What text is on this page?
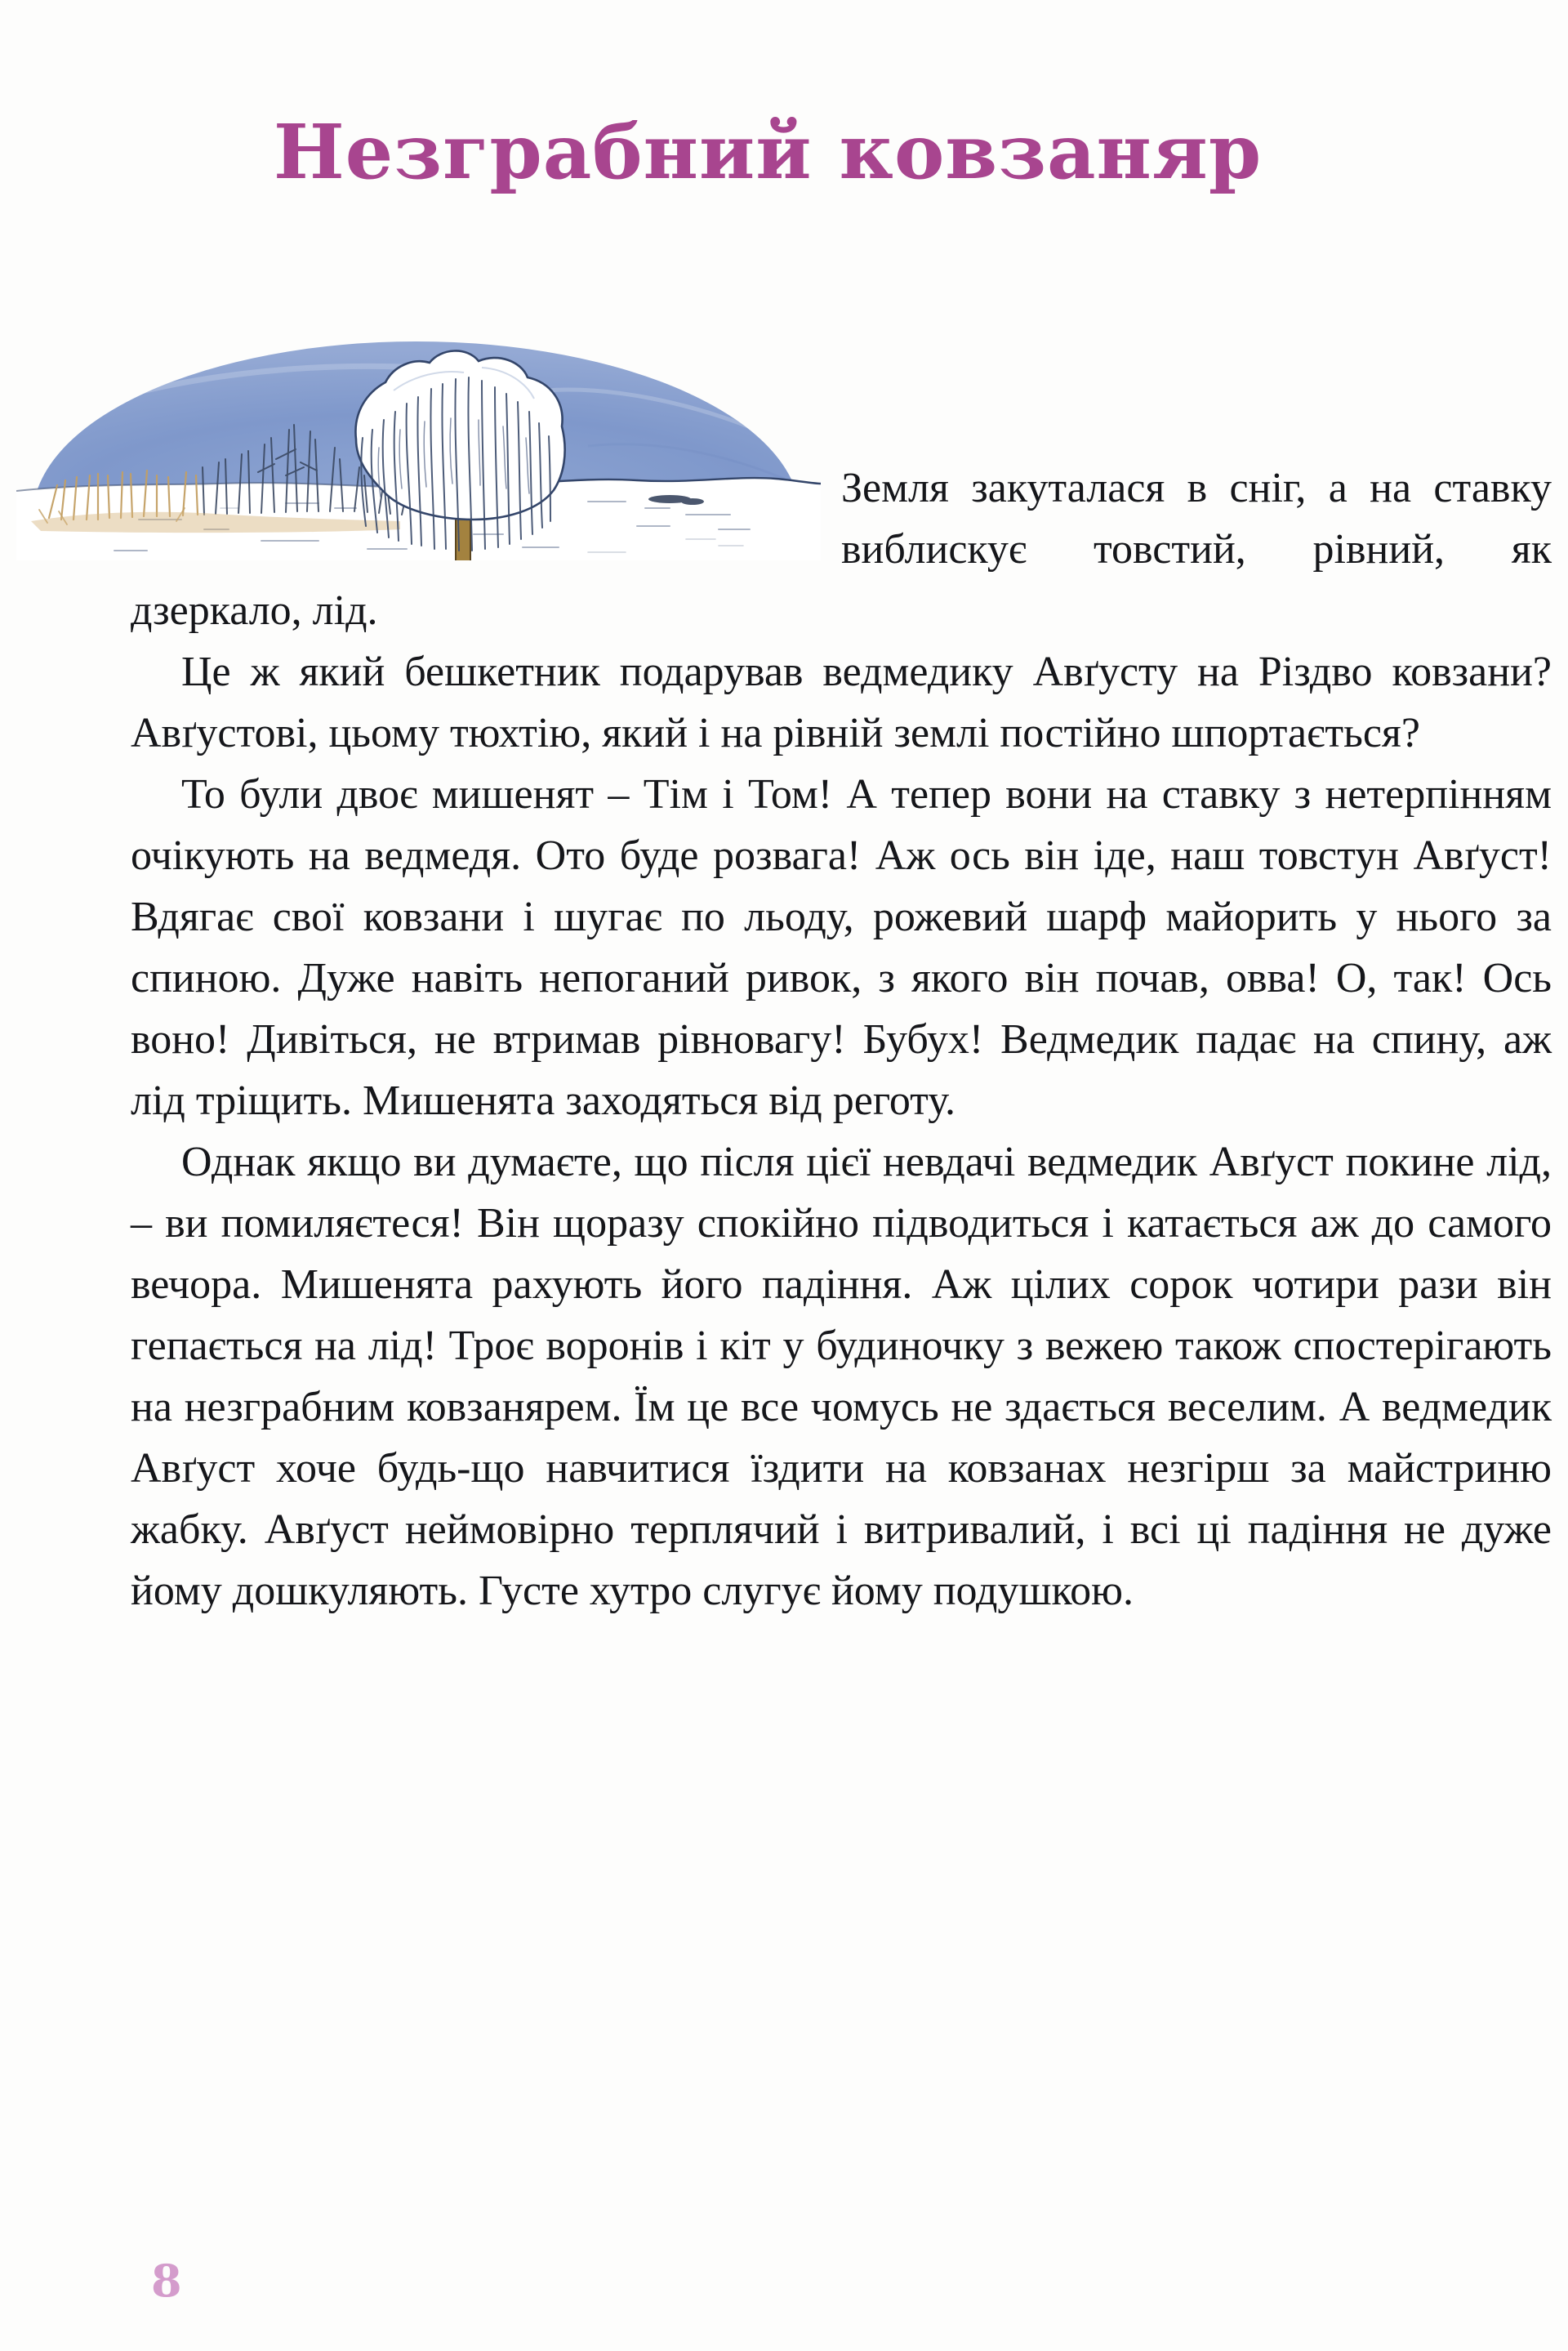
Незграбний ковзаняр

Земля закуталася в сніг, а на ставку виблискує товстий, рівний, як дзеркало, лід.

Це ж який бешкетник подарував ведмедику Авґусту на Різдво ковзани? Авґустові, цьому тюхтію, який і на рівній землі постійно шпортається?

То були двоє мишенят – Тім і Том! А тепер вони на ставку з нетерпінням очікують на ведмедя. Ото буде розвага! Аж ось він іде, наш товстун Авґуст! Вдягає свої ковзани і шугає по льоду, рожевий шарф майорить у нього за спиною. Дуже навіть непоганий ривок, з якого він почав, овва! О, так! Ось воно! Дивіться, не втримав рівновагу! Бубух! Ведмедик падає на спину, аж лід тріщить. Мишенята заходяться від реготу.

Однак якщо ви думаєте, що після цієї невдачі ведмедик Авґуст покине лід, – ви помиляєтеся! Він щоразу спокійно підводиться і катається аж до самого вечора. Мишенята рахують його падіння. Аж цілих сорок чотири рази він гепається на лід! Троє воронів і кіт у будиночку з вежею також спостерігають на незграбним ковзанярем. Їм це все чомусь не здається веселим. А ведмедик Авґуст хоче будь-що навчитися їздити на ковзанах незгірш за майстриню жабку. Авґуст неймовірно терплячий і витривалий, і всі ці падіння не дуже йому дошкуляють. Густе хутро слугує йому подушкою.

8
